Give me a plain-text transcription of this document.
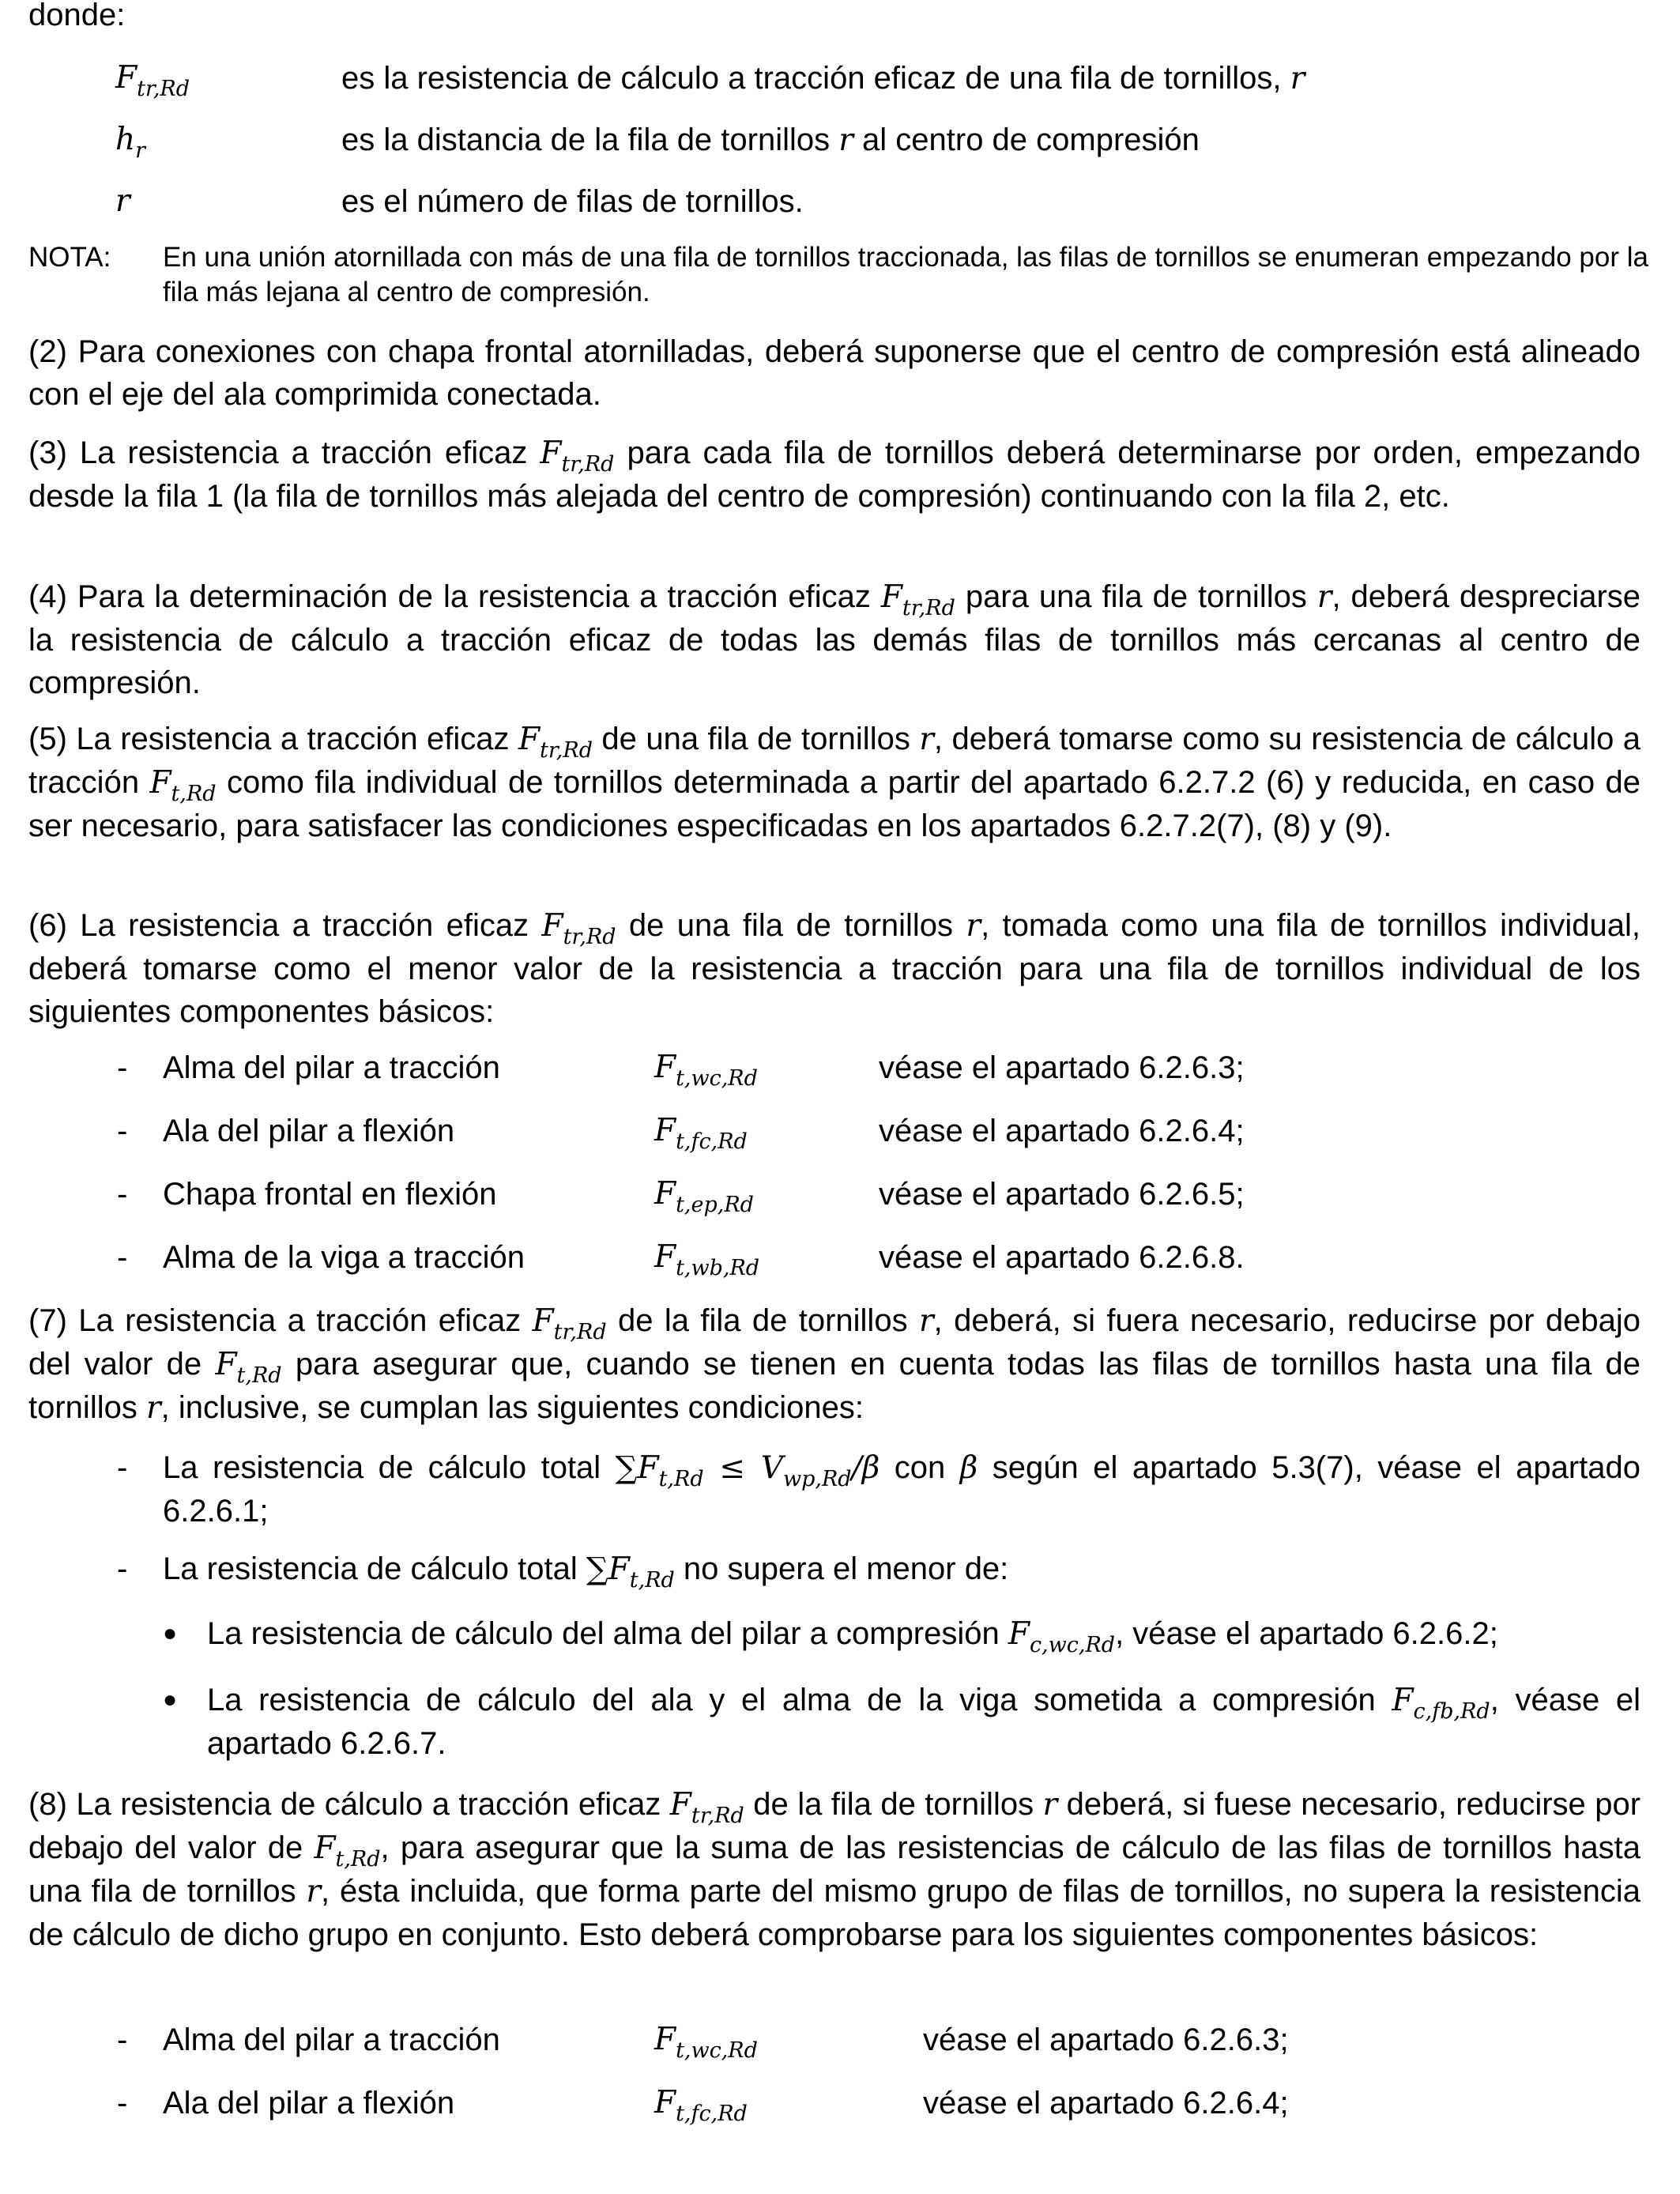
donde:
$F_{tr,Rd}$	es la resistencia de cálculo a tracción eficaz de una fila de tornillos, r
$h_r$	es la distancia de la fila de tornillos r al centro de compresión
r	es el número de filas de tornillos.
NOTA: En una unión atornillada con más de una fila de tornillos traccionada, las filas de tornillos se enumeran empezando por la fila más lejana al centro de compresión.

(2) Para conexiones con chapa frontal atornilladas, deberá suponerse que el centro de compresión está alineado con el eje del ala comprimida conectada.

(3) La resistencia a tracción eficaz $F_{tr,Rd}$ para cada fila de tornillos deberá determinarse por orden, empezando desde la fila 1 (la fila de tornillos más alejada del centro de compresión) continuando con la fila 2, etc.

(4) Para la determinación de la resistencia a tracción eficaz $F_{tr,Rd}$ para una fila de tornillos r, deberá despreciarse la resistencia de cálculo a tracción eficaz de todas las demás filas de tornillos más cercanas al centro de compresión.

(5) La resistencia a tracción eficaz $F_{tr,Rd}$ de una fila de tornillos r, deberá tomarse como su resistencia de cálculo a tracción $F_{t,Rd}$ como fila individual de tornillos determinada a partir del apartado 6.2.7.2 (6) y reducida, en caso de ser necesario, para satisfacer las condiciones especificadas en los apartados 6.2.7.2(7), (8) y (9).

(6) La resistencia a tracción eficaz $F_{tr,Rd}$ de una fila de tornillos r, tomada como una fila de tornillos individual, deberá tomarse como el menor valor de la resistencia a tracción para una fila de tornillos individual de los siguientes componentes básicos:

- Alma del pilar a tracción	$F_{t,wc,Rd}$	véase el apartado 6.2.6.3;
- Ala del pilar a flexión	$F_{t,fc,Rd}$	véase el apartado 6.2.6.4;
- Chapa frontal en flexión	$F_{t,ep,Rd}$	véase el apartado 6.2.6.5;
- Alma de la viga a tracción	$F_{t,wb,Rd}$	véase el apartado 6.2.6.8.

(7) La resistencia a tracción eficaz $F_{tr,Rd}$ de la fila de tornillos r, deberá, si fuera necesario, reducirse por debajo del valor de $F_{t,Rd}$ para asegurar que, cuando se tienen en cuenta todas las filas de tornillos hasta una fila de tornillos r, inclusive, se cumplan las siguientes condiciones:

- La resistencia de cálculo total $\sum F_{t,Rd} \le V_{wp,Rd}/\beta$ con β según el apartado 5.3(7), véase el apartado 6.2.6.1;

- La resistencia de cálculo total $\sum F_{t,Rd}$ no supera el menor de:

● La resistencia de cálculo del alma del pilar a compresión $F_{c,wc,Rd}$, véase el apartado 6.2.6.2;

● La resistencia de cálculo del ala y el alma de la viga sometida a compresión $F_{c,fb,Rd}$, véase el apartado 6.2.6.7.

(8) La resistencia de cálculo a tracción eficaz $F_{tr,Rd}$ de la fila de tornillos r deberá, si fuese necesario, reducirse por debajo del valor de $F_{t,Rd}$, para asegurar que la suma de las resistencias de cálculo de las filas de tornillos hasta una fila de tornillos r, ésta incluida, que forma parte del mismo grupo de filas de tornillos, no supera la resistencia de cálculo de dicho grupo en conjunto. Esto deberá comprobarse para los siguientes componentes básicos:

- Alma del pilar a tracción	$F_{t,wc,Rd}$	véase el apartado 6.2.6.3;
- Ala del pilar a flexión	$F_{t,fc,Rd}$	véase el apartado 6.2.6.4;
